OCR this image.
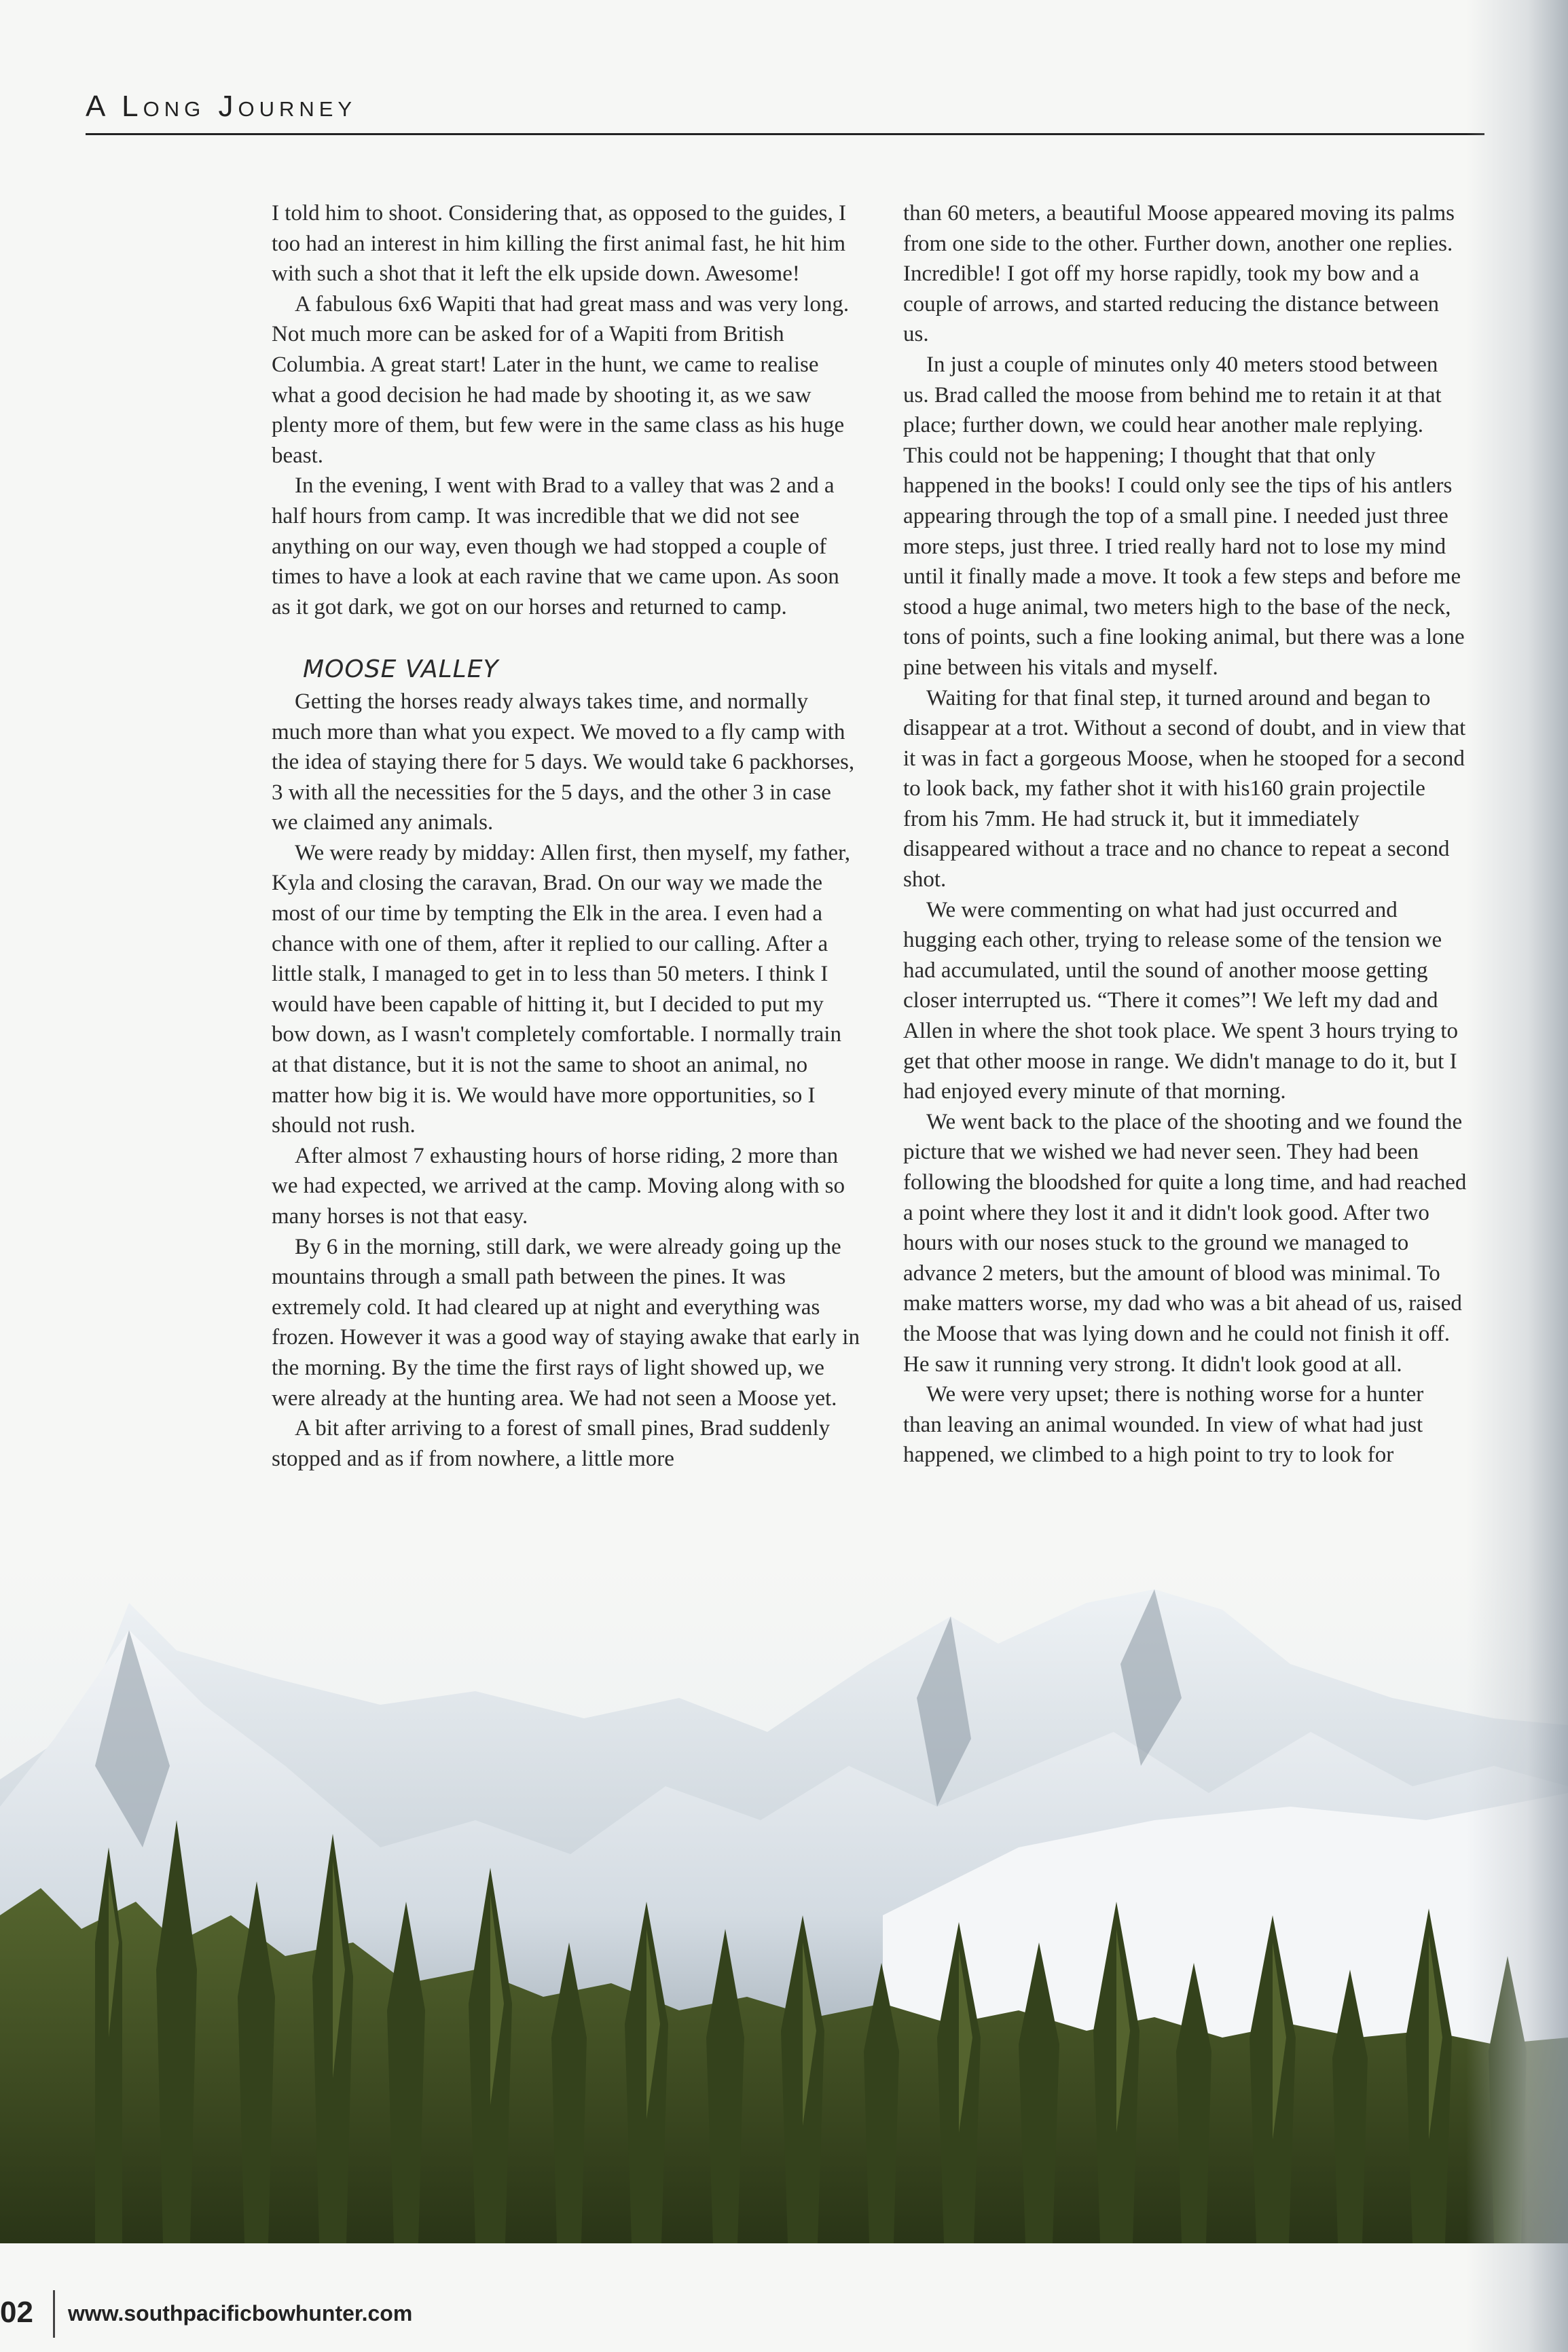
A Long Journey

I told him to shoot. Considering that, as opposed to the guides, I too had an interest in him killing the first animal fast, he hit him with such a shot that it left the elk upside down. Awesome!

A fabulous 6x6 Wapiti that had great mass and was very long. Not much more can be asked for of a Wapiti from British Columbia. A great start! Later in the hunt, we came to realise what a good decision he had made by shooting it, as we saw plenty more of them, but few were in the same class as his huge beast.

In the evening, I went with Brad to a valley that was 2 and a half hours from camp. It was incredible that we did not see anything on our way, even though we had stopped a couple of times to have a look at each ravine that we came upon. As soon as it got dark, we got on our horses and returned to camp.

MOOSE VALLEY

Getting the horses ready always takes time, and normally much more than what you expect. We moved to a fly camp with the idea of staying there for 5 days. We would take 6 packhorses, 3 with all the necessities for the 5 days, and the other 3 in case we claimed any animals.

We were ready by midday: Allen first, then myself, my father, Kyla and closing the caravan, Brad. On our way we made the most of our time by tempting the Elk in the area. I even had a chance with one of them, after it replied to our calling. After a little stalk, I managed to get in to less than 50 meters. I think I would have been capable of hitting it, but I decided to put my bow down, as I wasn't completely comfortable. I normally train at that distance, but it is not the same to shoot an animal, no matter how big it is. We would have more opportunities, so I should not rush.

After almost 7 exhausting hours of horse riding, 2 more than we had expected, we arrived at the camp. Moving along with so many horses is not that easy.

By 6 in the morning, still dark, we were already going up the mountains through a small path between the pines. It was extremely cold. It had cleared up at night and everything was frozen. However it was a good way of staying awake that early in the morning. By the time the first rays of light showed up, we were already at the hunting area. We had not seen a Moose yet.

A bit after arriving to a forest of small pines, Brad suddenly stopped and as if from nowhere, a little more

than 60 meters, a beautiful Moose appeared moving its palms from one side to the other. Further down, another one replies. Incredible! I got off my horse rapidly, took my bow and a couple of arrows, and started reducing the distance between us.

In just a couple of minutes only 40 meters stood between us. Brad called the moose from behind me to retain it at that place; further down, we could hear another male replying. This could not be happening; I thought that that only happened in the books! I could only see the tips of his antlers appearing through the top of a small pine. I needed just three more steps, just three. I tried really hard not to lose my mind until it finally made a move. It took a few steps and before me stood a huge animal, two meters high to the base of the neck, tons of points, such a fine looking animal, but there was a lone pine between his vitals and myself.

Waiting for that final step, it turned around and began to disappear at a trot. Without a second of doubt, and in view that it was in fact a gorgeous Moose, when he stooped for a second to look back, my father shot it with his160 grain projectile from his 7mm. He had struck it, but it immediately disappeared without a trace and no chance to repeat a second shot.

We were commenting on what had just occurred and hugging each other, trying to release some of the tension we had accumulated, until the sound of another moose getting closer interrupted us. “There it comes”! We left my dad and Allen in where the shot took place. We spent 3 hours trying to get that other moose in range. We didn't manage to do it, but I had enjoyed every minute of that morning.

We went back to the place of the shooting and we found the picture that we wished we had never seen. They had been following the bloodshed for quite a long time, and had reached a point where they lost it and it didn't look good. After two hours with our noses stuck to the ground we managed to advance 2 meters, but the amount of blood was minimal. To make matters worse, my dad who was a bit ahead of us, raised the Moose that was lying down and he could not finish it off. He saw it running very strong. It didn't look good at all.

We were very upset; there is nothing worse for a hunter than leaving an animal wounded. In view of what had just happened, we climbed to a high point to try to look for

02 www.southpacificbowhunter.com
